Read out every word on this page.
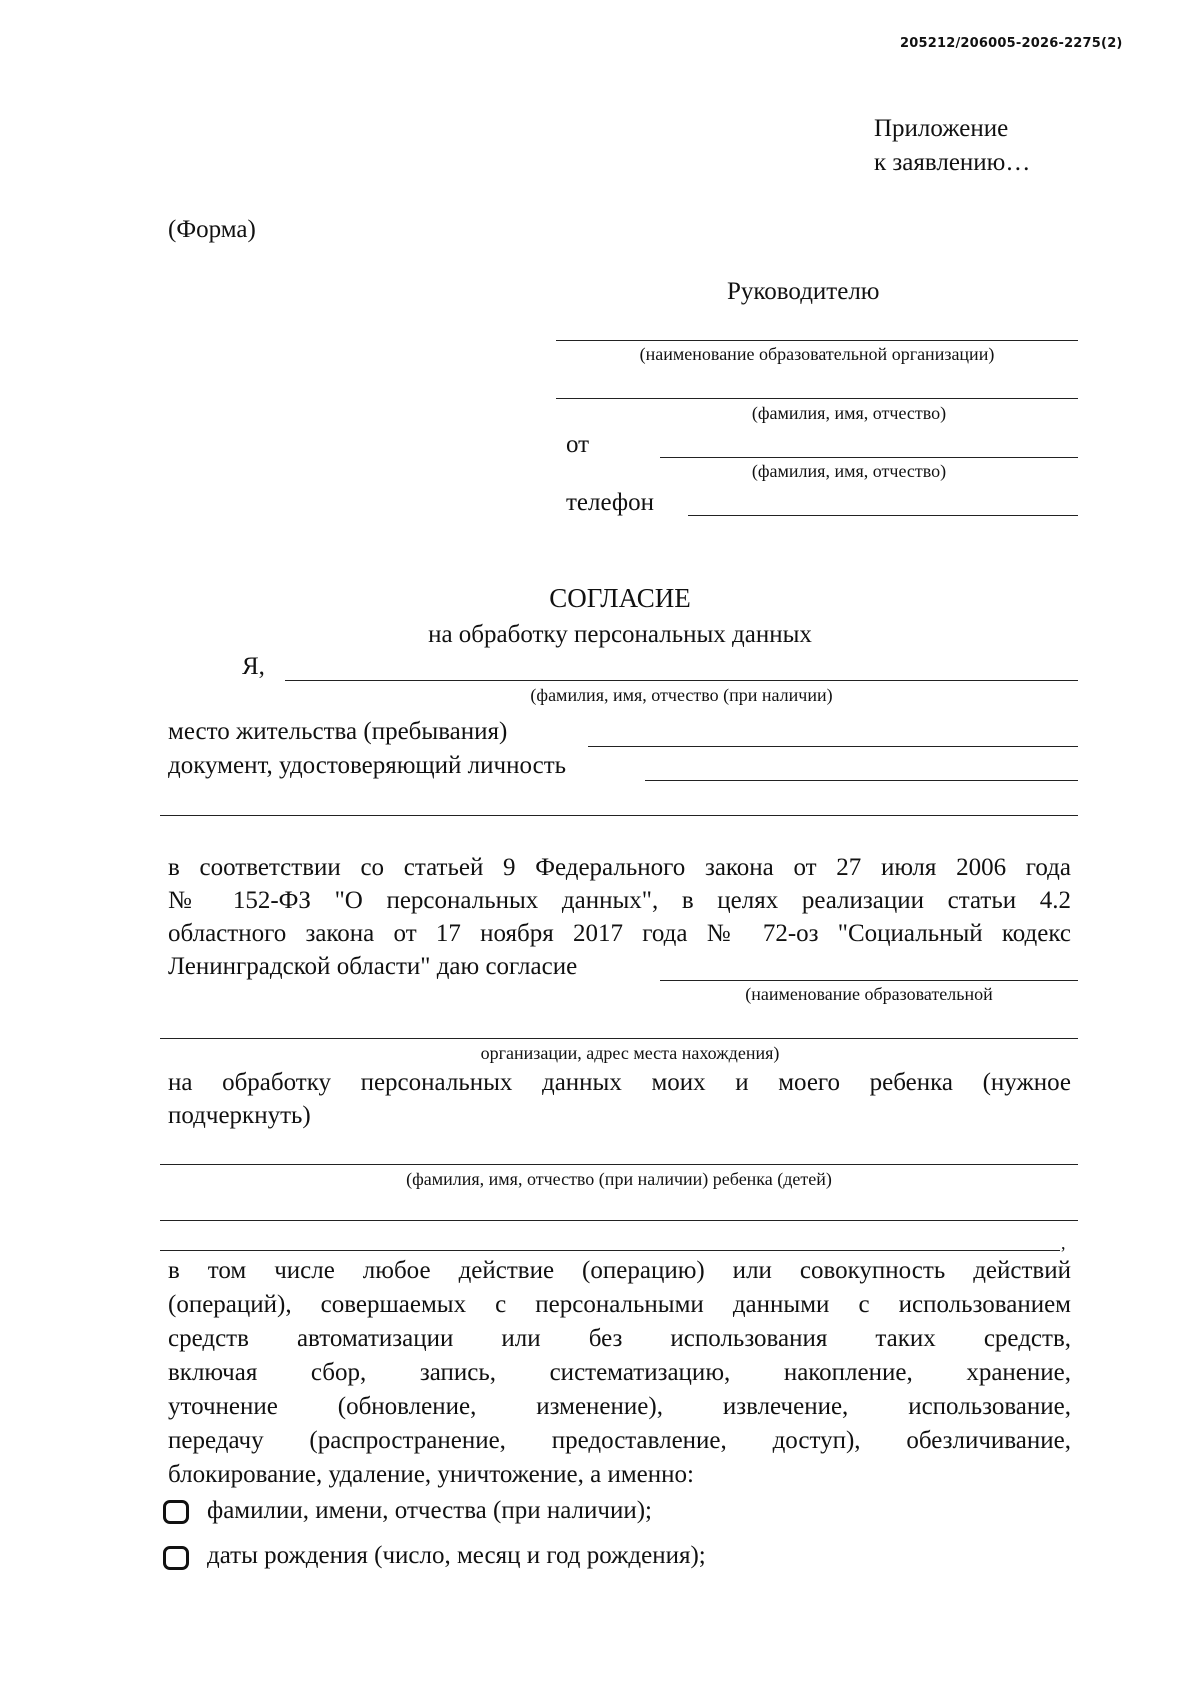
205212/206005-2026-2275(2)
Приложение
к заявлению…
(Форма)
Руководителю
(наименование образовательной организации)
(фамилия, имя, отчество)
от
(фамилия, имя, отчество)
телефон
СОГЛАСИЕ
на обработку персональных данных
Я,
(фамилия, имя, отчество (при наличии)
место жительства (пребывания)
документ, удостоверяющий личность
в соответствии со статьей 9 Федерального закона от 27 июля 2006 года
№ 152-ФЗ "О персональных данных", в целях реализации статьи 4.2
областного закона от 17 ноября 2017 года № 72-оз "Социальный кодекс
Ленинградской области" даю согласие
(наименование образовательной
организации, адрес места нахождения)
на обработку персональных данных моих и моего ребенка (нужное
подчеркнуть)
(фамилия, имя, отчество (при наличии) ребенка (детей)
,
в том числе любое действие (операцию) или совокупность действий
(операций), совершаемых с персональными данными с использованием
средств автоматизации или без использования таких средств,
включая сбор, запись, систематизацию, накопление, хранение,
уточнение (обновление, изменение), извлечение, использование,
передачу (распространение, предоставление, доступ), обезличивание,
блокирование, удаление, уничтожение, а именно:
фамилии, имени, отчества (при наличии);
даты рождения (число, месяц и год рождения);
